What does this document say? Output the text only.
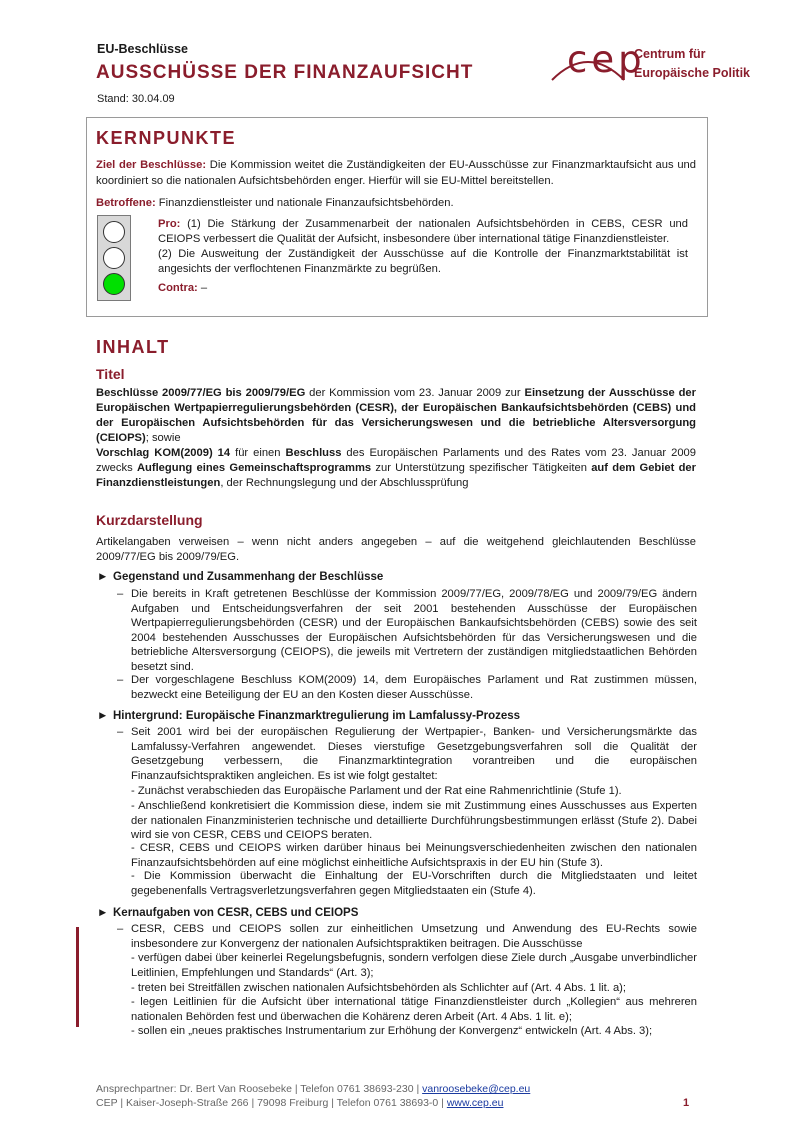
EU-Beschlüsse
AUSSCHÜSSE DER FINANZAUFSICHT
Stand: 30.04.09
cep
Centrum für
Europäische Politik
KERNPUNKTE
Ziel der Beschlüsse: Die Kommission weitet die Zuständigkeiten der EU-Ausschüsse zur Finanzmarktaufsicht aus und koordiniert so die nationalen Aufsichtsbehörden enger. Hierfür will sie EU-Mittel bereitstellen.
Betroffene: Finanzdienstleister und nationale Finanzaufsichtsbehörden.
Pro: (1) Die Stärkung der Zusammenarbeit der nationalen Aufsichtsbehörden in CEBS, CESR und CEIOPS verbessert die Qualität der Aufsicht, insbesondere über international tätige Finanzdienstleister.
(2) Die Ausweitung der Zuständigkeit der Ausschüsse auf die Kontrolle der Finanzmarktstabilität ist angesichts der verflochtenen Finanzmärkte zu begrüßen.
Contra: –
INHALT
Titel
Beschlüsse 2009/77/EG bis 2009/79/EG der Kommission vom 23. Januar 2009 zur Einsetzung der Ausschüsse der Europäischen Wertpapierregulierungsbehörden (CESR), der Europäischen Bankaufsichtsbehörden (CEBS) und der Europäischen Aufsichtsbehörden für das Versicherungswesen und die betriebliche Altersversorgung (CEIOPS); sowie
Vorschlag KOM(2009) 14 für einen Beschluss des Europäischen Parlaments und des Rates vom 23. Januar 2009 zwecks Auflegung eines Gemeinschaftsprogramms zur Unterstützung spezifischer Tätigkeiten auf dem Gebiet der Finanzdienstleistungen, der Rechnungslegung und der Abschlussprüfung
Kurzdarstellung
Artikelangaben verweisen – wenn nicht anders angegeben – auf die weitgehend gleichlautenden Beschlüsse 2009/77/EG bis 2009/79/EG.
► Gegenstand und Zusammenhang der Beschlüsse
– Die bereits in Kraft getretenen Beschlüsse der Kommission 2009/77/EG, 2009/78/EG und 2009/79/EG ändern Aufgaben und Entscheidungsverfahren der seit 2001 bestehenden Ausschüsse der Europäischen Wertpapierregulierungsbehörden (CESR) und der Europäischen Bankaufsichtsbehörden (CEBS) sowie des seit 2004 bestehenden Ausschusses der Europäischen Aufsichtsbehörden für das Versicherungswesen und die betriebliche Altersversorgung (CEIOPS), die jeweils mit Vertretern der zuständigen mitgliedstaatlichen Behörden besetzt sind.
– Der vorgeschlagene Beschluss KOM(2009) 14, dem Europäisches Parlament und Rat zustimmen müssen, bezweckt eine Beteiligung der EU an den Kosten dieser Ausschüsse.
► Hintergrund: Europäische Finanzmarktregulierung im Lamfalussy-Prozess
– Seit 2001 wird bei der europäischen Regulierung der Wertpapier-, Banken- und Versicherungsmärkte das Lamfalussy-Verfahren angewendet. Dieses vierstufige Gesetzgebungsverfahren soll die Qualität der Gesetzgebung verbessern, die Finanzmarktintegration vorantreiben und die europäischen Finanzaufsichtspraktiken angleichen. Es ist wie folgt gestaltet:
- Zunächst verabschieden das Europäische Parlament und der Rat eine Rahmenrichtlinie (Stufe 1).
- Anschließend konkretisiert die Kommission diese, indem sie mit Zustimmung eines Ausschusses aus Experten der nationalen Finanzministerien technische und detaillierte Durchführungsbestimmungen erlässt (Stufe 2). Dabei wird sie von CESR, CEBS und CEIOPS beraten.
- CESR, CEBS und CEIOPS wirken darüber hinaus bei Meinungsverschiedenheiten zwischen den nationalen Finanzaufsichtsbehörden auf eine möglichst einheitliche Aufsichtspraxis in der EU hin (Stufe 3).
- Die Kommission überwacht die Einhaltung der EU-Vorschriften durch die Mitgliedstaaten und leitet gegebenenfalls Vertragsverletzungsverfahren gegen Mitgliedstaaten ein (Stufe 4).
► Kernaufgaben von CESR, CEBS und CEIOPS
– CESR, CEBS und CEIOPS sollen zur einheitlichen Umsetzung und Anwendung des EU-Rechts sowie insbesondere zur Konvergenz der nationalen Aufsichtspraktiken beitragen. Die Ausschüsse
- verfügen dabei über keinerlei Regelungsbefugnis, sondern verfolgen diese Ziele durch „Ausgabe unverbindlicher Leitlinien, Empfehlungen und Standards“ (Art. 3);
- treten bei Streitfällen zwischen nationalen Aufsichtsbehörden als Schlichter auf (Art. 4 Abs. 1 lit. a);
- legen Leitlinien für die Aufsicht über international tätige Finanzdienstleister durch „Kollegien“ aus mehreren nationalen Behörden fest und überwachen die Kohärenz deren Arbeit (Art. 4 Abs. 1 lit. e);
- sollen ein „neues praktisches Instrumentarium zur Erhöhung der Konvergenz“ entwickeln (Art. 4 Abs. 3);
Ansprechpartner: Dr. Bert Van Roosebeke | Telefon 0761 38693-230 | vanroosebeke@cep.eu
CEP | Kaiser-Joseph-Straße 266 | 79098 Freiburg | Telefon 0761 38693-0 | www.cep.eu	1
